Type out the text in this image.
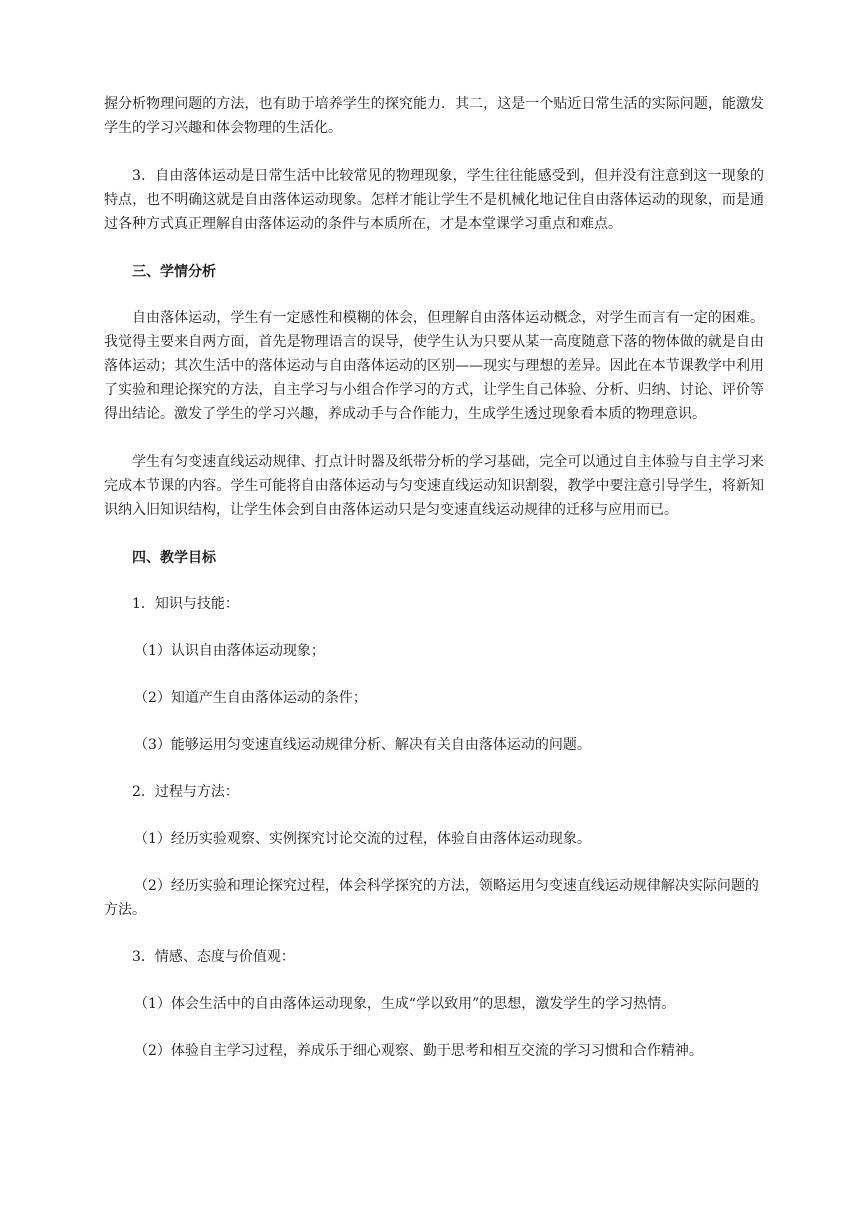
握分析物理问题的方法，也有助于培养学生的探究能力．其二，这是一个贴近日常生活的实际问题，能激发学生的学习兴趣和体会物理的生活化。

3．自由落体运动是日常生活中比较常见的物理现象，学生往往能感受到，但并没有注意到这一现象的特点，也不明确这就是自由落体运动现象。怎样才能让学生不是机械化地记住自由落体运动的现象，而是通过各种方式真正理解自由落体运动的条件与本质所在，才是本堂课学习重点和难点。

三、学情分析

自由落体运动，学生有一定感性和模糊的体会，但理解自由落体运动概念，对学生而言有一定的困难。我觉得主要来自两方面，首先是物理语言的误导，使学生认为只要从某一高度随意下落的物体做的就是自由落体运动；其次生活中的落体运动与自由落体运动的区别——现实与理想的差异。因此在本节课教学中利用了实验和理论探究的方法，自主学习与小组合作学习的方式，让学生自己体验、分析、归纳、讨论、评价等得出结论。激发了学生的学习兴趣，养成动手与合作能力，生成学生透过现象看本质的物理意识。

学生有匀变速直线运动规律、打点计时器及纸带分析的学习基础，完全可以通过自主体验与自主学习来完成本节课的内容。学生可能将自由落体运动与匀变速直线运动知识割裂，教学中要注意引导学生，将新知识纳入旧知识结构，让学生体会到自由落体运动只是匀变速直线运动规律的迁移与应用而已。

四、教学目标
1．知识与技能：
（1）认识自由落体运动现象；
（2）知道产生自由落体运动的条件；
（3）能够运用匀变速直线运动规律分析、解决有关自由落体运动的问题。
2．过程与方法：
（1）经历实验观察、实例探究讨论交流的过程，体验自由落体运动现象。
（2）经历实验和理论探究过程，体会科学探究的方法，领略运用匀变速直线运动规律解决实际问题的方法。
3．情感、态度与价值观：
（1）体会生活中的自由落体运动现象，生成“学以致用”的思想，激发学生的学习热情。
（2）体验自主学习过程，养成乐于细心观察、勤于思考和相互交流的学习习惯和合作精神。
